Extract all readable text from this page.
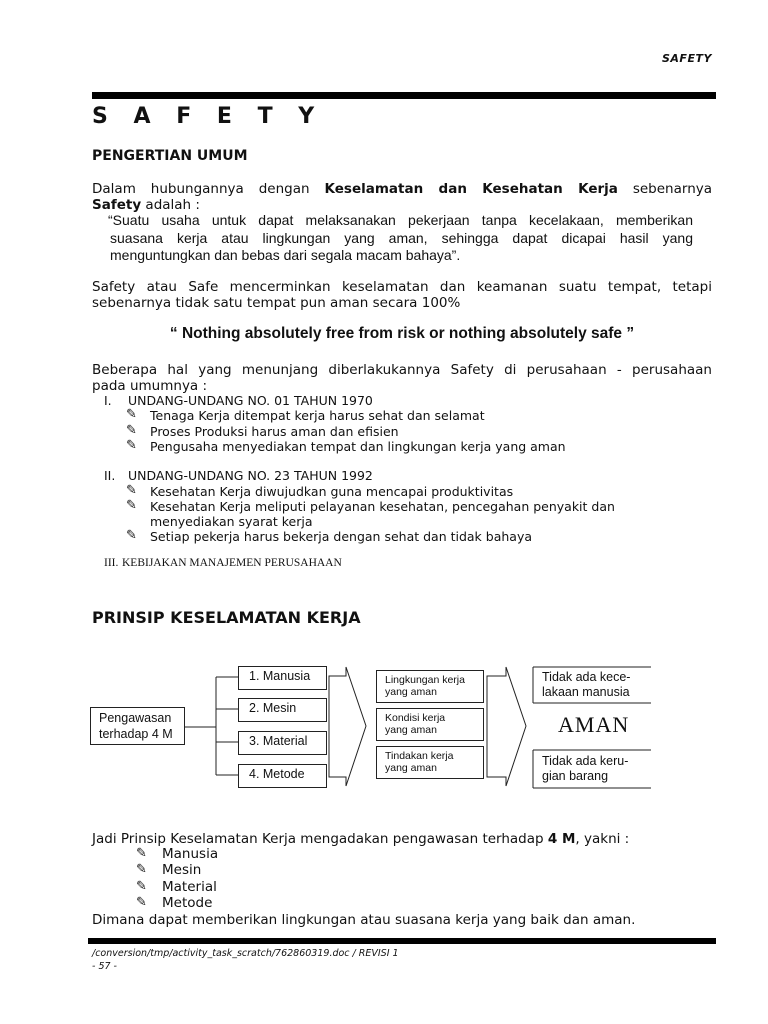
SAFETY
S A F E T Y
PENGERTIAN UMUM
Dalam hubungannya dengan Keselamatan dan Kesehatan Kerja sebenarnya
Safety adalah :
“Suatu usaha untuk dapat melaksanakan pekerjaan tanpa kecelakaan, memberikan
suasana kerja atau lingkungan yang aman, sehingga dapat dicapai hasil yang
menguntungkan dan bebas dari segala macam bahaya”.
Safety atau Safe mencerminkan keselamatan dan keamanan suatu tempat, tetapi
sebenarnya tidak satu tempat pun aman secara 100%
“ Nothing absolutely free from risk or nothing absolutely safe ”
Beberapa hal yang menunjang diberlakukannya Safety di perusahaan - perusahaan
pada umumnya :
I. UNDANG-UNDANG NO. 01 TAHUN 1970
✎ Tenaga Kerja ditempat kerja harus sehat dan selamat
✎ Proses Produksi harus aman dan efisien
✎ Pengusaha menyediakan tempat dan lingkungan kerja yang aman
II. UNDANG-UNDANG NO. 23 TAHUN 1992
✎ Kesehatan Kerja diwujudkan guna mencapai produktivitas
✎ Kesehatan Kerja meliputi pelayanan kesehatan, pencegahan penyakit dan
menyediakan syarat kerja
✎ Setiap pekerja harus bekerja dengan sehat dan tidak bahaya
III. KEBIJAKAN MANAJEMEN PERUSAHAAN
PRINSIP KESELAMATAN KERJA
Pengawasan
terhadap 4 M
1. Manusia
2. Mesin
3. Material
4. Metode
Lingkungan kerja
yang aman
Kondisi kerja
yang aman
Tindakan kerja
yang aman
Tidak ada kece-
lakaan manusia
AMAN
Tidak ada keru-
gian barang
Jadi Prinsip Keselamatan Kerja mengadakan pengawasan terhadap 4 M, yakni :
✎ Manusia
✎ Mesin
✎ Material
✎ Metode
Dimana dapat memberikan lingkungan atau suasana kerja yang baik dan aman.
/conversion/tmp/activity_task_scratch/762860319.doc / REVISI 1
- 57 -
